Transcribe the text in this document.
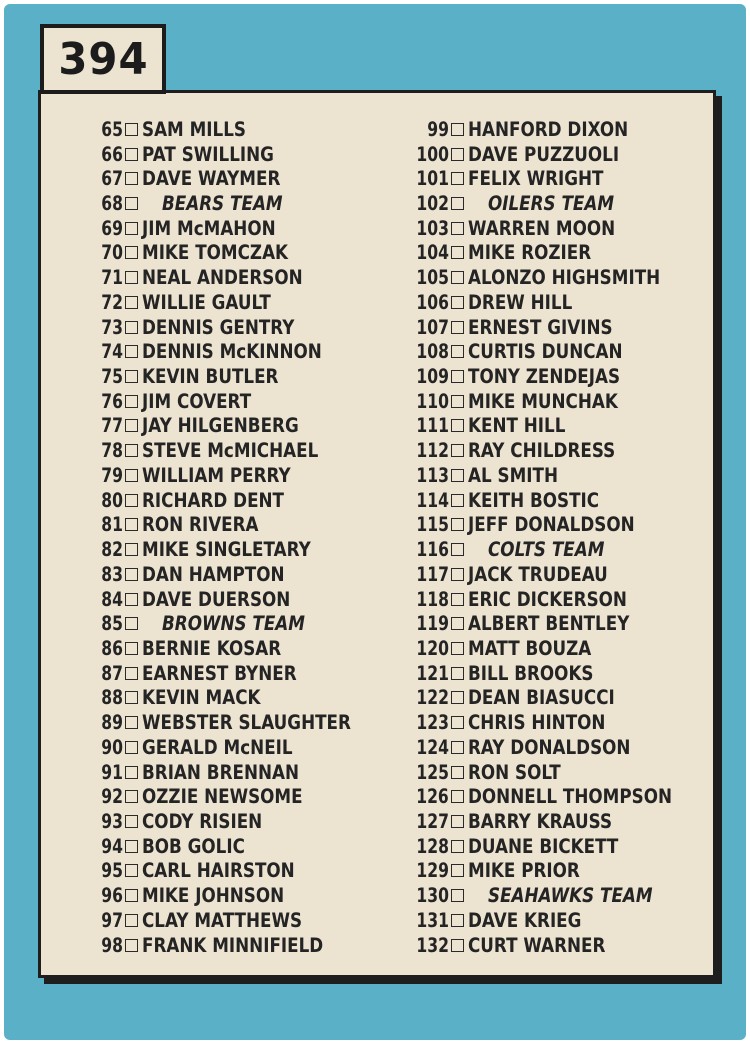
65 SAM MILLS
66 PAT SWILLING
67 DAVE WAYMER
68 BEARS TEAM
69 JIM McMAHON
70 MIKE TOMCZAK
71 NEAL ANDERSON
72 WILLIE GAULT
73 DENNIS GENTRY
74 DENNIS McKINNON
75 KEVIN BUTLER
76 JIM COVERT
77 JAY HILGENBERG
78 STEVE McMICHAEL
79 WILLIAM PERRY
80 RICHARD DENT
81 RON RIVERA
82 MIKE SINGLETARY
83 DAN HAMPTON
84 DAVE DUERSON
85 BROWNS TEAM
86 BERNIE KOSAR
87 EARNEST BYNER
88 KEVIN MACK
89 WEBSTER SLAUGHTER
90 GERALD McNEIL
91 BRIAN BRENNAN
92 OZZIE NEWSOME
93 CODY RISIEN
94 BOB GOLIC
95 CARL HAIRSTON
96 MIKE JOHNSON
97 CLAY MATTHEWS
98 FRANK MINNIFIELD
99 HANFORD DIXON
100 DAVE PUZZUOLI
101 FELIX WRIGHT
102 OILERS TEAM
103 WARREN MOON
104 MIKE ROZIER
105 ALONZO HIGHSMITH
106 DREW HILL
107 ERNEST GIVINS
108 CURTIS DUNCAN
109 TONY ZENDEJAS
110 MIKE MUNCHAK
111 KENT HILL
112 RAY CHILDRESS
113 AL SMITH
114 KEITH BOSTIC
115 JEFF DONALDSON
116 COLTS TEAM
117 JACK TRUDEAU
118 ERIC DICKERSON
119 ALBERT BENTLEY
120 MATT BOUZA
121 BILL BROOKS
122 DEAN BIASUCCI
123 CHRIS HINTON
124 RAY DONALDSON
125 RON SOLT
126 DONNELL THOMPSON
127 BARRY KRAUSS
128 DUANE BICKETT
129 MIKE PRIOR
130 SEAHAWKS TEAM
131 DAVE KRIEG
132 CURT WARNER
394
